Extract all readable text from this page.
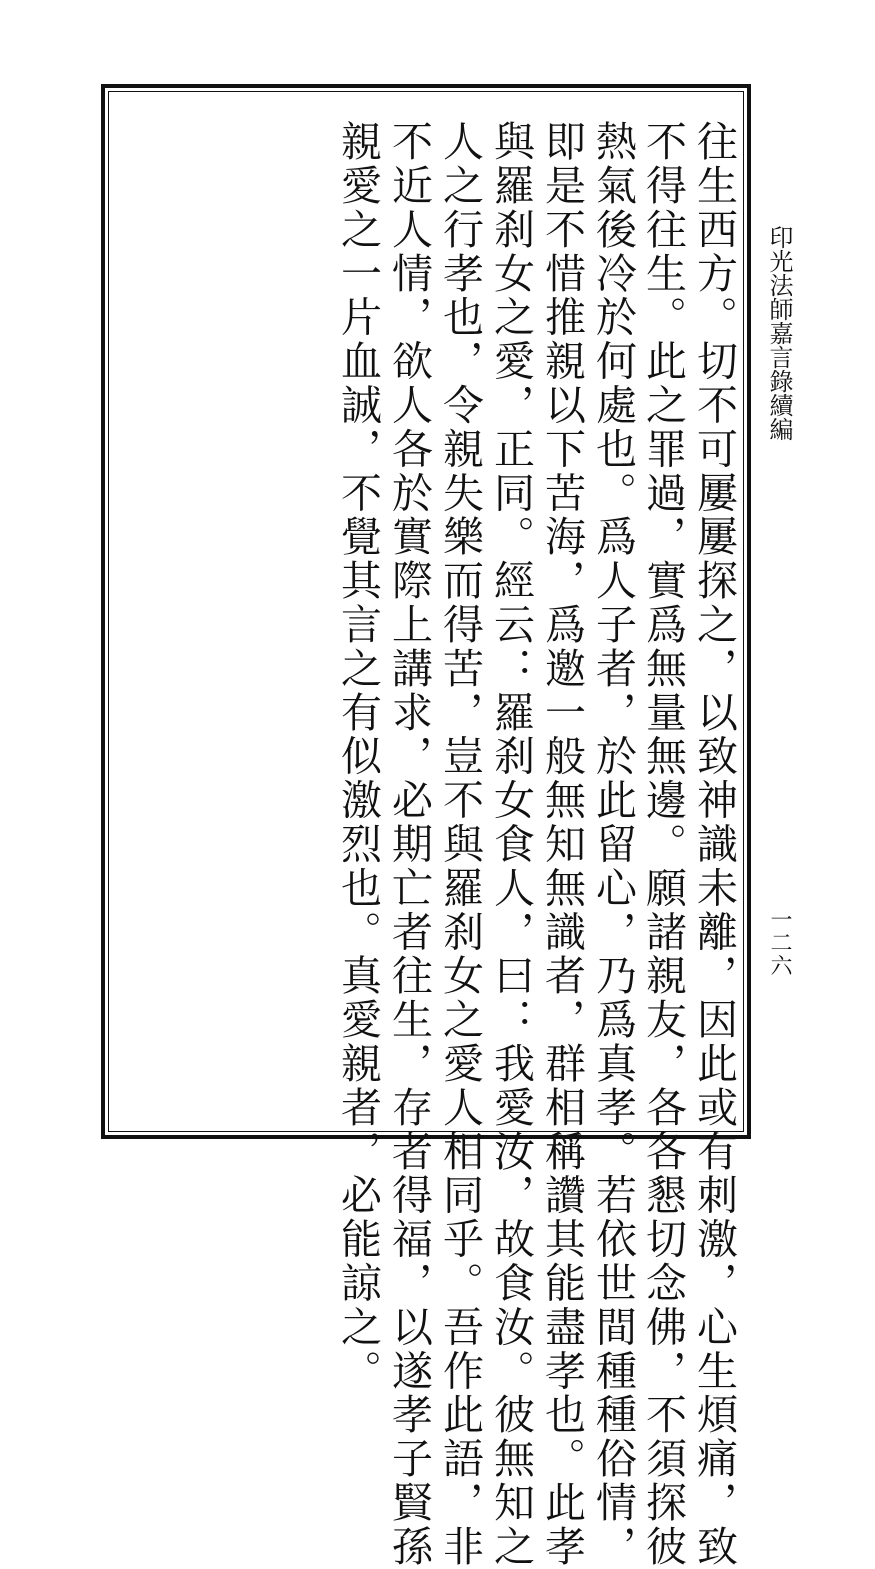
往生西方。切不可屢屢探之，以致神識未離，因此或有刺激，心生煩痛，致
不得往生。此之罪過，實爲無量無邊。願諸親友，各各懇切念佛，不須探彼
熱氣後冷於何處也。爲人子者，於此留心，乃爲真孝。若依世間種種俗情，
即是不惜推親以下苦海，爲邀一般無知無識者，群相稱讚其能盡孝也。此孝
與羅刹女之愛，正同。經云：羅刹女食人，曰：我愛汝，故食汝。彼無知之
人之行孝也，令親失樂而得苦，豈不與羅刹女之愛人相同乎。吾作此語，非
不近人情，欲人各於實際上講求，必期亡者往生，存者得福，以遂孝子賢孫
親愛之一片血誠，不覺其言之有似激烈也。真愛親者，必能諒之。	印光法師嘉言錄續編
一二六
